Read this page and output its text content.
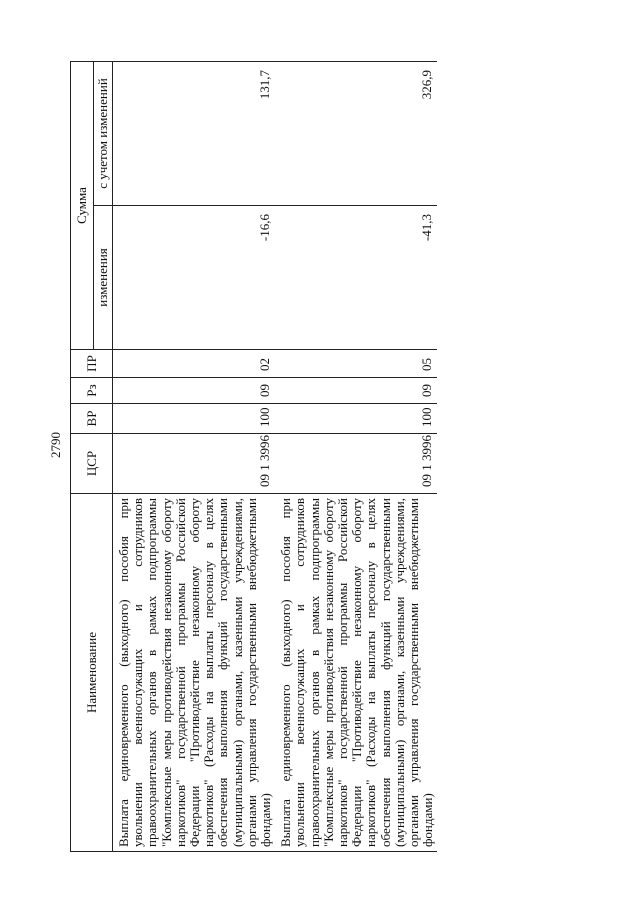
2790
Наименование	ЦСР	ВР	Рз	ПР	Сумма	
					изменения	с учетом изменений
Выплата единовременного (выходного) пособия при увольнении военнослужащих и сотрудников правоохранительных органов в рамках подпрограммы "Комплексные меры противодействия незаконному обороту наркотиков" государственной программы Российской Федерации "Противодействие незаконному обороту наркотиков" (Расходы на выплаты персоналу в целях обеспечения выполнения функций государственными (муниципальными) органами, казенными учреждениями, органами управления государственными внебюджетными фондами)	09 1 3996	100	09	02	-16,6	131,7
Выплата единовременного (выходного) пособия при увольнении военнослужащих и сотрудников правоохранительных органов в рамках подпрограммы "Комплексные меры противодействия незаконному обороту наркотиков" государственной программы Российской Федерации "Противодействие незаконному обороту наркотиков" (Расходы на выплаты персоналу в целях обеспечения выполнения функций государственными (муниципальными) органами, казенными учреждениями, органами управления государственными внебюджетными фондами)	09 1 3996	100	09	05	-41,3	326,9
